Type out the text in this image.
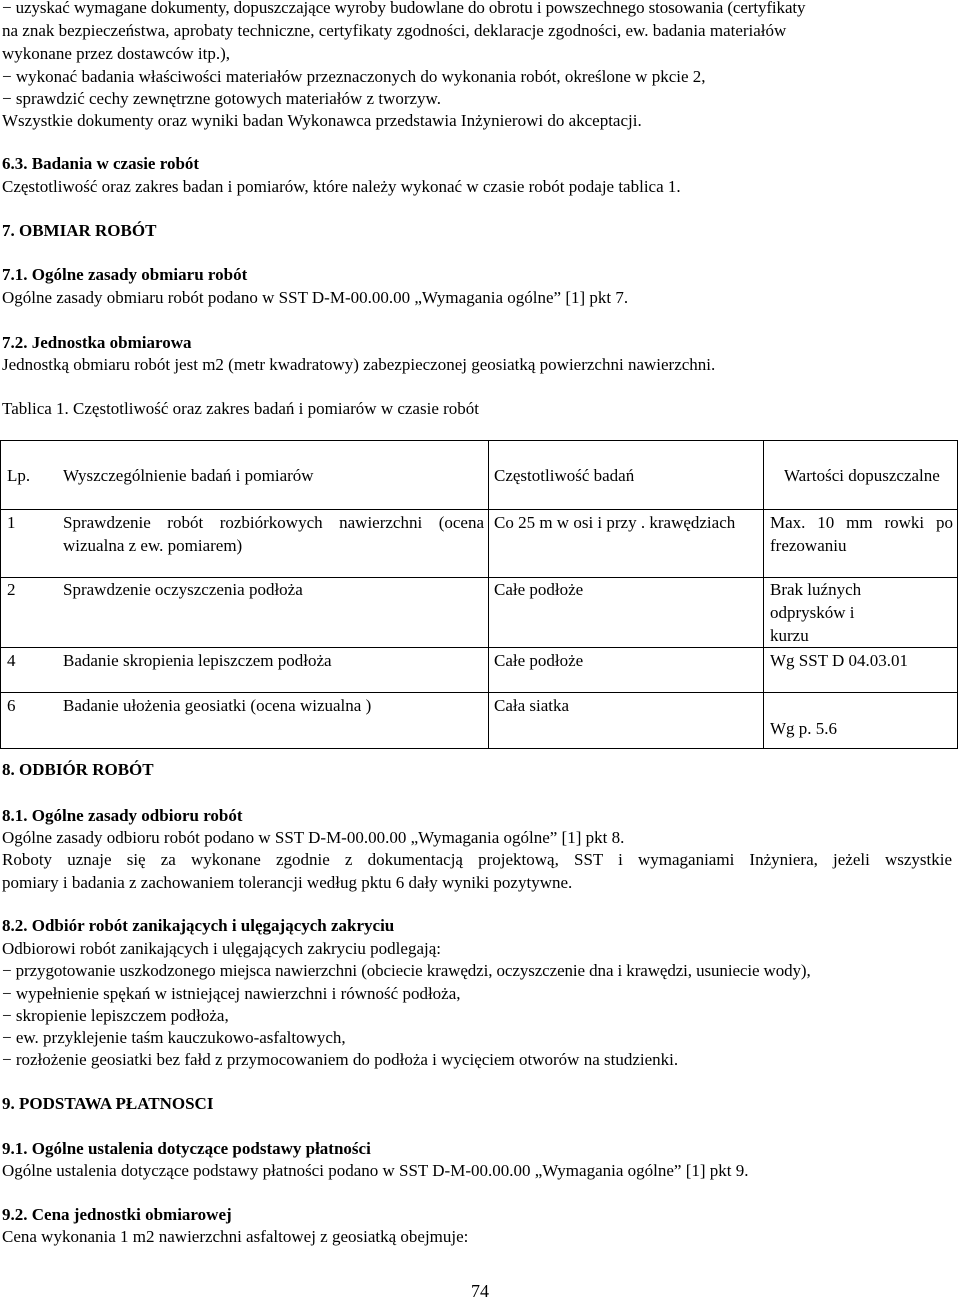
− uzyskać wymagane dokumenty, dopuszczające wyroby budowlane do obrotu i powszechnego stosowania (certyfikaty
na znak bezpieczeństwa, aprobaty techniczne, certyfikaty zgodności, deklaracje zgodności, ew. badania materiałów
wykonane przez dostawców itp.),
− wykonać badania właściwości materiałów przeznaczonych do wykonania robót, określone w pkcie 2,
− sprawdzić cechy zewnętrzne gotowych materiałów z tworzyw.
Wszystkie dokumenty oraz wyniki badan Wykonawca przedstawia Inżynierowi do akceptacji.
6.3. Badania w czasie robót
Częstotliwość oraz zakres badan i pomiarów, które należy wykonać w czasie robót podaje tablica 1.
7. OBMIAR ROBÓT
7.1. Ogólne zasady obmiaru robót
Ogólne zasady obmiaru robót podano w SST D-M-00.00.00 „Wymagania ogólne” [1] pkt 7.
7.2. Jednostka obmiarowa
Jednostką obmiaru robót jest m2 (metr kwadratowy) zabezpieczonej geosiatką powierzchni nawierzchni.
Tablica 1. Częstotliwość oraz zakres badań i pomiarów w czasie robót
Lp.	Wyszczególnienie badań i pomiarów	Częstotliwość badań	Wartości dopuszczalne
1	Sprawdzenie robót rozbiórkowych nawierzchni (ocena wizualna z ew. pomiarem)	Co 25 m w osi i przy . krawędziach	Max. 10 mm rowki po frezowaniu
2	Sprawdzenie oczyszczenia podłoża	Całe podłoże	Brak luźnych odprysków i kurzu
4	Badanie skropienia lepiszczem podłoża	Całe podłoże	Wg SST D 04.03.01
6	Badanie ułożenia geosiatki (ocena wizualna )	Cała siatka	Wg p. 5.6
8. ODBIÓR ROBÓT
8.1. Ogólne zasady odbioru robót
Ogólne zasady odbioru robót podano w SST D-M-00.00.00 „Wymagania ogólne” [1] pkt 8.
Roboty uznaje się za wykonane zgodnie z dokumentacją projektową, SST i wymaganiami Inżyniera, jeżeli wszystkie
pomiary i badania z zachowaniem tolerancji według pktu 6 dały wyniki pozytywne.
8.2. Odbiór robót zanikających i ulęgających zakryciu
Odbiorowi robót zanikających i ulęgających zakryciu podlegają:
− przygotowanie uszkodzonego miejsca nawierzchni (obciecie krawędzi, oczyszczenie dna i krawędzi, usuniecie wody),
− wypełnienie spękań w istniejącej nawierzchni i równość podłoża,
− skropienie lepiszczem podłoża,
− ew. przyklejenie taśm kauczukowo-asfaltowych,
− rozłożenie geosiatki bez fałd z przymocowaniem do podłoża i wycięciem otworów na studzienki.
9. PODSTAWA PŁATNOSCI
9.1. Ogólne ustalenia dotyczące podstawy płatności
Ogólne ustalenia dotyczące podstawy płatności podano w SST D-M-00.00.00 „Wymagania ogólne” [1] pkt 9.
9.2. Cena jednostki obmiarowej
Cena wykonania 1 m2 nawierzchni asfaltowej z geosiatką obejmuje:
74
